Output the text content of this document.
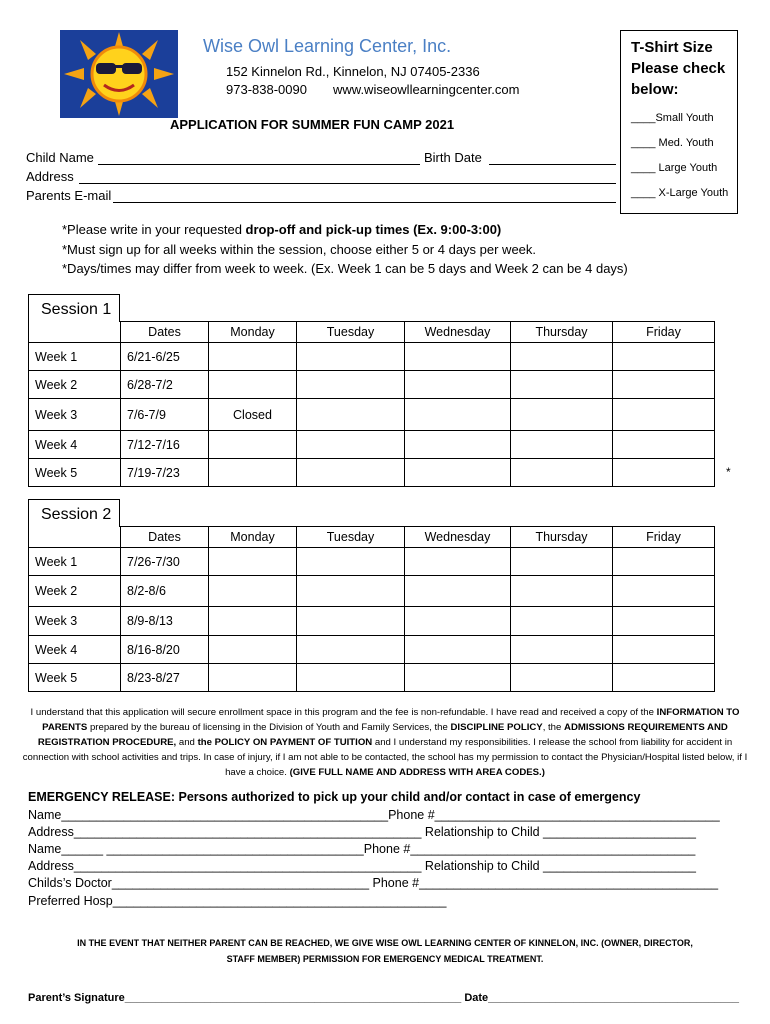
Wise Owl Learning Center, Inc.
152 Kinnelon Rd., Kinnelon, NJ 07405-2336
973-838-0090 www.wiseowllearningcenter.com
T-Shirt Size Please check below:
____Small Youth
____ Med. Youth
____ Large Youth
____ X-Large Youth
APPLICATION FOR SUMMER FUN CAMP 2021
Child Name	Birth Date
Address
Parents E-mail
*Please write in your requested drop-off and pick-up times (Ex. 9:00-3:00)
*Must sign up for all weeks within the session, choose either 5 or 4 days per week.
*Days/times may differ from week to week. (Ex. Week 1 can be 5 days and Week 2 can be 4 days)
Session 1
	Dates	Monday	Tuesday	Wednesday	Thursday	Friday
Week 1	6/21-6/25					
Week 2	6/28-7/2					
Week 3	7/6-7/9	Closed				
Week 4	7/12-7/16					
Week 5	7/19-7/23						*
Session 2
	Dates	Monday	Tuesday	Wednesday	Thursday	Friday
Week 1	7/26-7/30					
Week 2	8/2-8/6					
Week 3	8/9-8/13					
Week 4	8/16-8/20					
Week 5	8/23-8/27					
I understand that this application will secure enrollment space in this program and the fee is non-refundable. I have read and received a copy of the INFORMATION TO PARENTS prepared by the bureau of licensing in the Division of Youth and Family Services, the DISCIPLINE POLICY, the ADMISSIONS REQUIREMENTS AND REGISTRATION PROCEDURE, and the POLICY ON PAYMENT OF TUITION and I understand my responsibilities. I release the school from liability for accident in connection with school activities and trips. In case of injury, if I am not able to be contacted, the school has my permission to contact the Physician/Hospital listed below, if I have a choice. (GIVE FULL NAME AND ADDRESS WITH AREA CODES.)
EMERGENCY RELEASE: Persons authorized to pick up your child and/or contact in case of emergency
Name_______________________________________________Phone #_________________________________________
Address__________________________________________________ Relationship to Child ______________________
Name______ _____________________________________Phone #_________________________________________
Address__________________________________________________ Relationship to Child ______________________
Childs’s Doctor_____________________________________ Phone #___________________________________________
Preferred Hosp________________________________________________
IN THE EVENT THAT NEITHER PARENT CAN BE REACHED, WE GIVE WISE OWL LEARNING CENTER OF KINNELON, INC. (OWNER, DIRECTOR,
STAFF MEMBER) PERMISSION FOR EMERGENCY MEDICAL TREATMENT.
Parent’s Signature_______________________________________________________ Date_________________________________________
